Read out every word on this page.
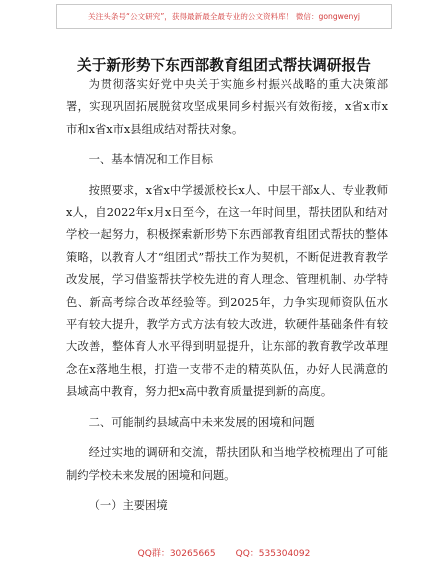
关注头条号“公文研究”，获得最新最全最专业的公文资料库！ 微信：gongwenyj
关于新形势下东西部教育组团式帮扶调研报告

为贯彻落实好党中央关于实施乡村振兴战略的重大决策部署，实现巩固拓展脱贫攻坚成果同乡村振兴有效衔接，x省x市x市和x省x市x县组成结对帮扶对象。

一、基本情况和工作目标

按照要求，x省x中学援派校长x人、中层干部x人、专业教师x人，自2022年x月x日至今，在这一年时间里，帮扶团队和结对学校一起努力，积极探索新形势下东西部教育组团式帮扶的整体策略，以教育人才“组团式”帮扶工作为契机，不断促进教育教学改发展，学习借鉴帮扶学校先进的育人理念、管理机制、办学特色、新高考综合改革经验等。到2025年，力争实现师资队伍水平有较大提升，教学方式方法有较大改进，软硬件基础条件有较大改善，整体育人水平得到明显提升，让东部的教育教学改革理念在x落地生根，打造一支带不走的精英队伍，办好人民满意的县域高中教育，努力把x高中教育质量提到新的高度。

二、可能制约县域高中未来发展的困境和问题

经过实地的调研和交流，帮扶团队和当地学校梳理出了可能制约学校未来发展的困境和问题。

（一）主要困境

QQ群：30265665 QQ：535304092
